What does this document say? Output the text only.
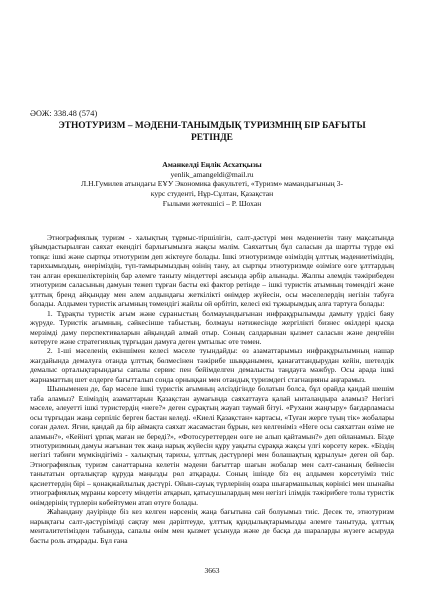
ӘОЖ: 338.48 (574)
ЭТНОТУРИЗМ – МӘДЕНИ-ТАНЫМДЫҚ ТУРИЗМНІҢ БІР БАҒЫТЫ
РЕТІНДЕ
Аманкелді Еңлік Асхатқызы
yenlik_amangeldi@mail.ru
Л.Н.Гумилев атындағы ЕҰУ Экономика факультеті, «Туризм» мамандығының 3-
курс студенті, Нұр-Сұлтан, Қазақстан
Ғылыми жетекшісі – Р. Шохан

Этнографиялық туризм - халықтың тұрмыс-тіршілігін, салт-дәстүрі мен мәдениетін тану мақсатында ұйымдастырылған саяхат екендігі барлығымызға жақсы мәлім. Саяхаттың бұл саласын да шартты түрде екі топқа: ішкі және сыртқы этнотуризм деп жіктеуге болады. Ішкі этнотуризмде өзіміздің ұлттық мәдениетіміздің, тарихымыздың, өнеріміздің, түп-тамырымыздың өзінің тану, ал сыртқы этнотуризмде өзімізге өзге ұлттардың тән алған ерекшеліктерінің бар әлемге таныту міндеттері аясында әрбір алынады. Жалпы әлемдік тәжірибеден этнотуризм саласының дамуын тежеп тұрған басты екі фактор ретінде – ішкі туристік атымның төмендігі және ұлттық бренд айқындау мен әлем алдындағы жеткілікті өнімдер жүйесін, осы мәселелердің негізін табуға болады. Алдымен туристік ағымның төмендігі жайлы ой өрбітіп, келесі екі тұжырымдық алға тартуға болады:

1. Тұрақты туристік ағым және сұраныстың болмауындығынан инфрақұрылымды дамыту үрдісі баяу жүруде. Туристік ағымның, сәйкесінше табыстың, болмауы нәтижесінде жергілікті бизнес өкілдері қысқа мерзімді даму перспективаларын айқындай алмай отыр. Соның салдарынан қызмет саласын және деңгейін көтеруге және стратегиялық тұрғыдан дамуға деген ұмтылыс өте төмен.

2. 1-ші мәселенің екіншімен келесі мәселе туындайды: өз азаматтарымыз инфрақұрылымның нашар жағдайында демалуға отанда ұлттық бөлмесінен тәжірибе шыққанымен, қанағаттандырудан кейін, шетелдік демалыс орталықтарындағы сапалы сервис пен бейімделген демалысты таңдауға мәжбүр. Осы арада ішкі жарнаматтың шет елдерге бағытталып сонда орныққан мен отандық туризмдегі стагнацияны аңғарамыз.

Шыныменен де, бар мәселе ішкі туристік ағымның әлсіздігінде болатын болса, бұл орайда қандай шешім таба аламыз? Еліміздің азаматтарын Қазақстан аумағында саяхаттауға қалай ынталандыра аламыз? Негізгі мәселе, әлеуетті ішкі туристердің «неге?» деген сұрақтың жауап таумай бітуі. «Рухани жаңғыру» бағдарламасы осы тұрғыдан жаңа серпіліс берген бастан келеді. «Киелі Қазақстан» картасы, «Туған жерге туың тік» жобалары соған дәлел. Яғни, қандай да бір аймақта саяхат жасамастан бұрын, кез келгеніміз «Неге осы саяхаттан өзіме не аламын?», «Кейінгі ұрпақ маған не береді?», «Фотосуреттерден өзге не алып қайтамын?» деп ойланамыз. Бізде этнотуризмның дамуы жағынан тек жаңа нарық жүйесін құру уақыты сұраққа жақсы үлгі көрсету керек. «Біздің негізгі табиғи мүмкіндігіміз - халықтың тарихы, ұлттық дәстүрлері мен болашақтың құрылуы» деген ой бар. Этнографиялық туризм санаттарына келетін мәдени бағыттар шағын жобалар мен салт-сананың бейнесін танытатын орталықтар құруда маңызды рөл атқарады. Соның ішінде біз ең алдымен көрсетуіміз тиіс қасиеттердің бірі – қонақжайлылық дәстүрі. Ойын-сауық түрлерінің өзара шығармашылық көрінісі мен шынайы этнографиялық мұраны көрсету міндетін атқарып, қатысушылардың мен негізгі ілімдік тәжірибеге толы туристік өнімдерінің түрлерін көбейтумен атап өтуге болады.

Жаһандану дәуірінде біз кез келген нәрсенің жаңа бағытына сай болуымыз тиіс. Десек те, этнотуризм нарықтағы салт-дәстүрімізді сақтау мен дәріптеуде, ұлттық құндылықтарымызды әлемге танытуда, ұлттық менталитетімізден табынуда, сапалы өнім мен қызмет ұсынуда және де басқа да шараларды жүзеге асыруда басты роль атқарады. Бұл ғана

3663
